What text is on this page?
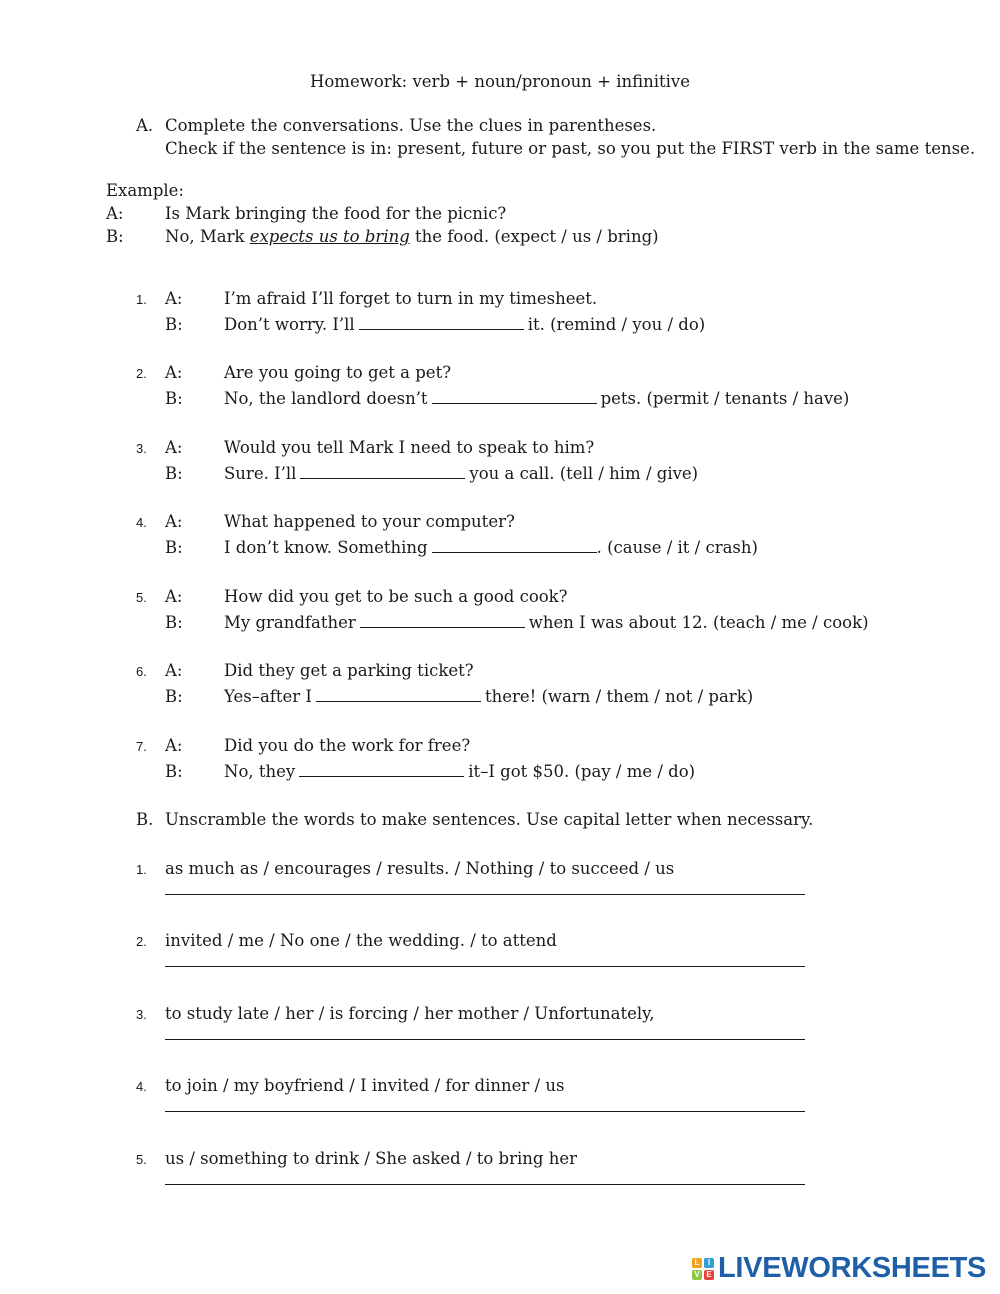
Homework: verb + noun/pronoun + infinitive
A. Complete the conversations. Use the clues in parentheses.
Check if the sentence is in: present, future or past, so you put the FIRST verb in the same tense.
Example:
A:	Is Mark bringing the food for the picnic?
B:	No, Mark expects us to bring the food. (expect / us / bring)
1. A:	I’m afraid I’ll forget to turn in my timesheet.
B:	Don’t worry. I’ll	it. (remind / you / do)
2. A:	Are you going to get a pet?
B:	No, the landlord doesn’t	pets. (permit / tenants / have)
3. A:	Would you tell Mark I need to speak to him?
B:	Sure. I’ll	you a call. (tell / him / give)
4. A:	What happened to your computer?
B:	I don’t know. Something	. (cause / it / crash)
5. A:	How did you get to be such a good cook?
B:	My grandfather	when I was about 12. (teach / me / cook)
6. A:	Did they get a parking ticket?
B:	Yes–after I	there! (warn / them / not / park)
7. A:	Did you do the work for free?
B:	No, they	it–I got $50. (pay / me / do)
B. Unscramble the words to make sentences. Use capital letter when necessary.
1. as much as / encourages / results. / Nothing / to succeed / us
2. invited / me / No one / the wedding. / to attend
3. to study late / her / is forcing / her mother / Unfortunately,
4. to join / my boyfriend / I invited / for dinner / us
5. us / something to drink / She asked / to bring her
L	I
V E LIVEWORKSHEETS
